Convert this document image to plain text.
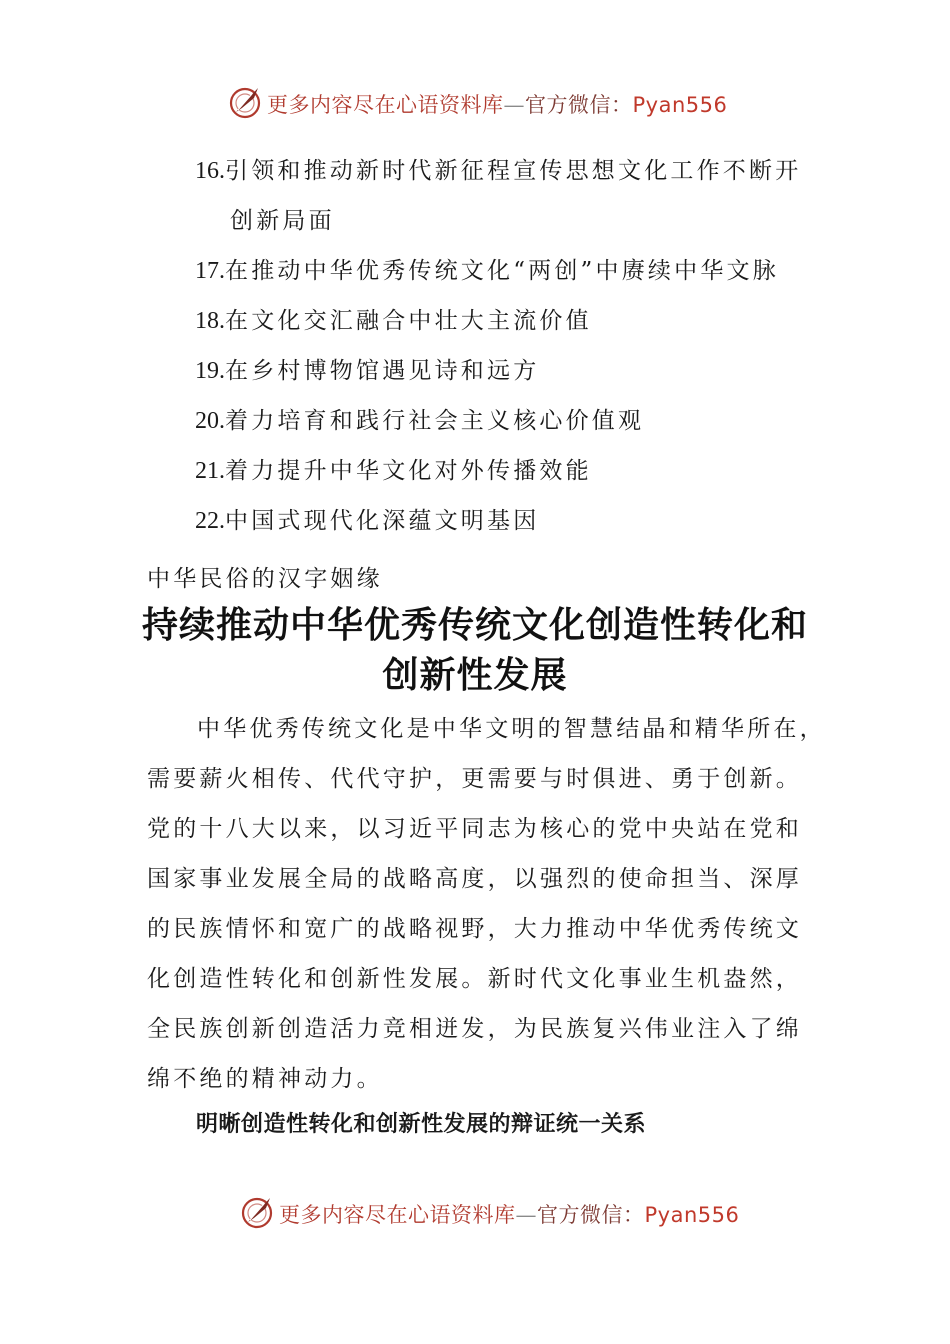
更多内容尽在心语资料库—官方微信：Pyan556
16.引领和推动新时代新征程宣传思想文化工作不断开
创新局面
17.在推动中华优秀传统文化“两创”中赓续中华文脉
18.在文化交汇融合中壮大主流价值
19.在乡村博物馆遇见诗和远方
20.着力培育和践行社会主义核心价值观
21.着力提升中华文化对外传播效能
22.中国式现代化深蕴文明基因
中华民俗的汉字姻缘
持续推动中华优秀传统文化创造性转化和
创新性发展
中华优秀传统文化是中华文明的智慧结晶和精华所在，
需要薪火相传、代代守护，更需要与时俱进、勇于创新。
党的十八大以来，以习近平同志为核心的党中央站在党和
国家事业发展全局的战略高度，以强烈的使命担当、深厚
的民族情怀和宽广的战略视野，大力推动中华优秀传统文
化创造性转化和创新性发展。新时代文化事业生机盎然，
全民族创新创造活力竞相迸发，为民族复兴伟业注入了绵
绵不绝的精神动力。
明晰创造性转化和创新性发展的辩证统一关系
更多内容尽在心语资料库—官方微信：Pyan556
